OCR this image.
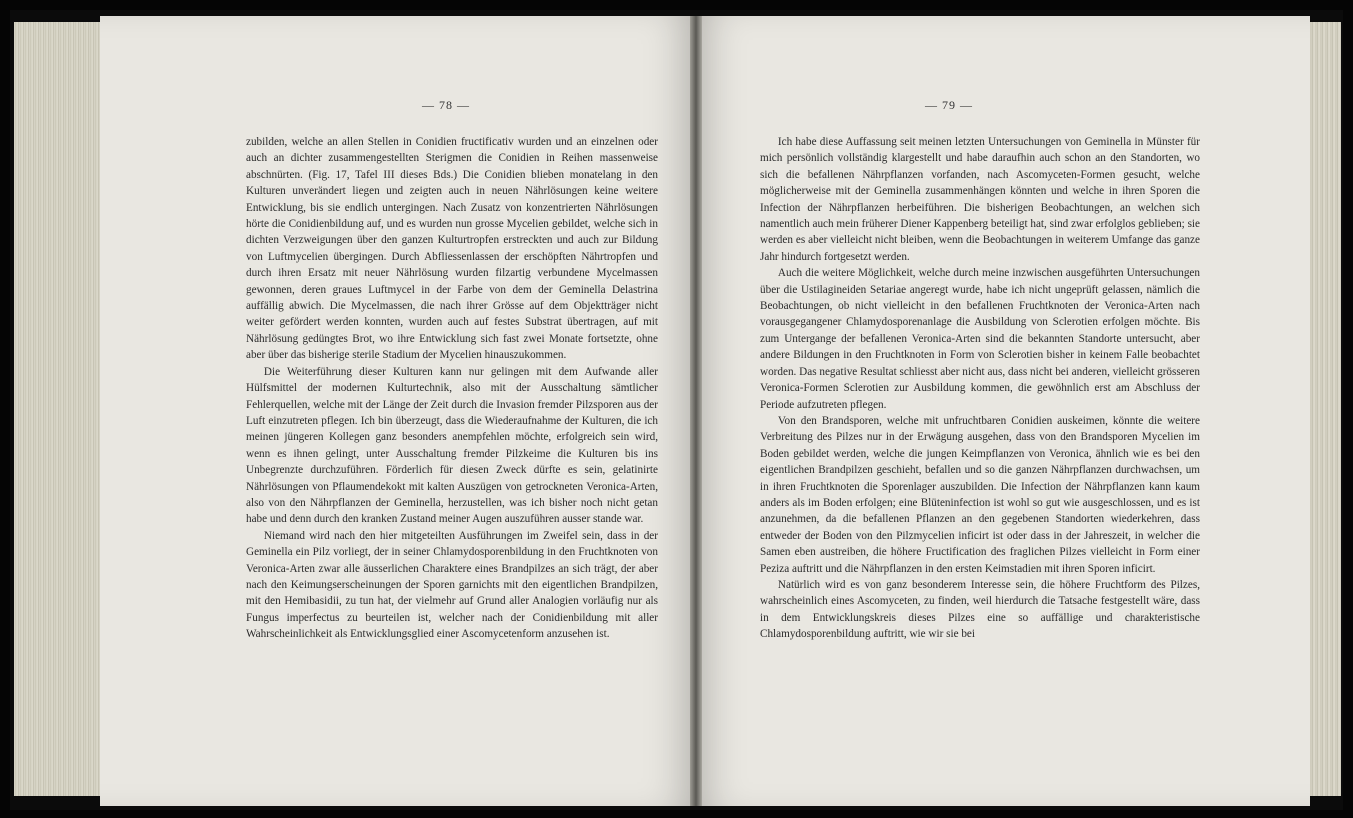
— 78 —

zubilden, welche an allen Stellen in Conidien fructificativ wurden und an einzelnen oder auch an dichter zusammengestellten Sterigmen die Conidien in Reihen massenweise abschnürten. (Fig. 17, Tafel III dieses Bds.) Die Conidien blieben monatelang in den Kulturen unverändert liegen und zeigten auch in neuen Nährlösungen keine weitere Entwicklung, bis sie endlich untergingen. Nach Zusatz von konzentrierten Nährlösungen hörte die Conidienbildung auf, und es wurden nun grosse Mycelien gebildet, welche sich in dichten Verzweigungen über den ganzen Kulturtropfen erstreckten und auch zur Bildung von Luftmycelien übergingen. Durch Abfliessenlassen der erschöpften Nährtropfen und durch ihren Ersatz mit neuer Nährlösung wurden filzartig verbundene Mycelmassen gewonnen, deren graues Luftmycel in der Farbe von dem der Geminella Delastrina auffällig abwich. Die Mycelmassen, die nach ihrer Grösse auf dem Objektträger nicht weiter gefördert werden konnten, wurden auch auf festes Substrat übertragen, auf mit Nährlösung gedüngtes Brot, wo ihre Entwicklung sich fast zwei Monate fortsetzte, ohne aber über das bisherige sterile Stadium der Mycelien hinauszukommen.

Die Weiterführung dieser Kulturen kann nur gelingen mit dem Aufwande aller Hülfsmittel der modernen Kulturtechnik, also mit der Ausschaltung sämtlicher Fehlerquellen, welche mit der Länge der Zeit durch die Invasion fremder Pilzsporen aus der Luft einzutreten pflegen. Ich bin überzeugt, dass die Wiederaufnahme der Kulturen, die ich meinen jüngeren Kollegen ganz besonders anempfehlen möchte, erfolgreich sein wird, wenn es ihnen gelingt, unter Ausschaltung fremder Pilzkeime die Kulturen bis ins Unbegrenzte durchzuführen. Förderlich für diesen Zweck dürfte es sein, gelatinirte Nährlösungen von Pflaumendekokt mit kalten Auszügen von getrockneten Veronica-Arten, also von den Nährpflanzen der Geminella, herzustellen, was ich bisher noch nicht getan habe und denn durch den kranken Zustand meiner Augen auszuführen ausser stande war.

Niemand wird nach den hier mitgeteilten Ausführungen im Zweifel sein, dass in der Geminella ein Pilz vorliegt, der in seiner Chlamydosporenbildung in den Fruchtknoten von Veronica-Arten zwar alle äusserlichen Charaktere eines Brandpilzes an sich trägt, der aber nach den Keimungserscheinungen der Sporen garnichts mit den eigentlichen Brandpilzen, mit den Hemibasidii, zu tun hat, der vielmehr auf Grund aller Analogien vorläufig nur als Fungus imperfectus zu beurteilen ist, welcher nach der Conidienbildung mit aller Wahrscheinlichkeit als Entwicklungsglied einer Ascomycetenform anzusehen ist.

— 79 —

Ich habe diese Auffassung seit meinen letzten Untersuchungen von Geminella in Münster für mich persönlich vollständig klargestellt und habe daraufhin auch schon an den Standorten, wo sich die befallenen Nährpflanzen vorfanden, nach Ascomyceten-Formen gesucht, welche möglicherweise mit der Geminella zusammenhängen könnten und welche in ihren Sporen die Infection der Nährpflanzen herbeiführen. Die bisherigen Beobachtungen, an welchen sich namentlich auch mein früherer Diener Kappenberg beteiligt hat, sind zwar erfolglos geblieben; sie werden es aber vielleicht nicht bleiben, wenn die Beobachtungen in weiterem Umfange das ganze Jahr hindurch fortgesetzt werden.

Auch die weitere Möglichkeit, welche durch meine inzwischen ausgeführten Untersuchungen über die Ustilagineiden Setariae angeregt wurde, habe ich nicht ungeprüft gelassen, nämlich die Beobachtungen, ob nicht vielleicht in den befallenen Fruchtknoten der Veronica-Arten nach vorausgegangener Chlamydosporenanlage die Ausbildung von Sclerotien erfolgen möchte. Bis zum Untergange der befallenen Veronica-Arten sind die bekannten Standorte untersucht, aber andere Bildungen in den Fruchtknoten in Form von Sclerotien bisher in keinem Falle beobachtet worden. Das negative Resultat schliesst aber nicht aus, dass nicht bei anderen, vielleicht grösseren Veronica-Formen Sclerotien zur Ausbildung kommen, die gewöhnlich erst am Abschluss der Periode aufzutreten pflegen.

Von den Brandsporen, welche mit unfruchtbaren Conidien auskeimen, könnte die weitere Verbreitung des Pilzes nur in der Erwägung ausgehen, dass von den Brandsporen Mycelien im Boden gebildet werden, welche die jungen Keimpflanzen von Veronica, ähnlich wie es bei den eigentlichen Brandpilzen geschieht, befallen und so die ganzen Nährpflanzen durchwachsen, um in ihren Fruchtknoten die Sporenlager auszubilden. Die Infection der Nährpflanzen kann kaum anders als im Boden erfolgen; eine Blüteninfection ist wohl so gut wie ausgeschlossen, und es ist anzunehmen, da die befallenen Pflanzen an den gegebenen Standorten wiederkehren, dass entweder der Boden von den Pilzmycelien inficirt ist oder dass in der Jahreszeit, in welcher die Samen eben austreiben, die höhere Fructification des fraglichen Pilzes vielleicht in Form einer Peziza auftritt und die Nährpflanzen in den ersten Keimstadien mit ihren Sporen inficirt.

Natürlich wird es von ganz besonderem Interesse sein, die höhere Fruchtform des Pilzes, wahrscheinlich eines Ascomyceten, zu finden, weil hierdurch die Tatsache festgestellt wäre, dass in dem Entwicklungskreis dieses Pilzes eine so auffällige und charakteristische Chlamydosporenbildung auftritt, wie wir sie bei
